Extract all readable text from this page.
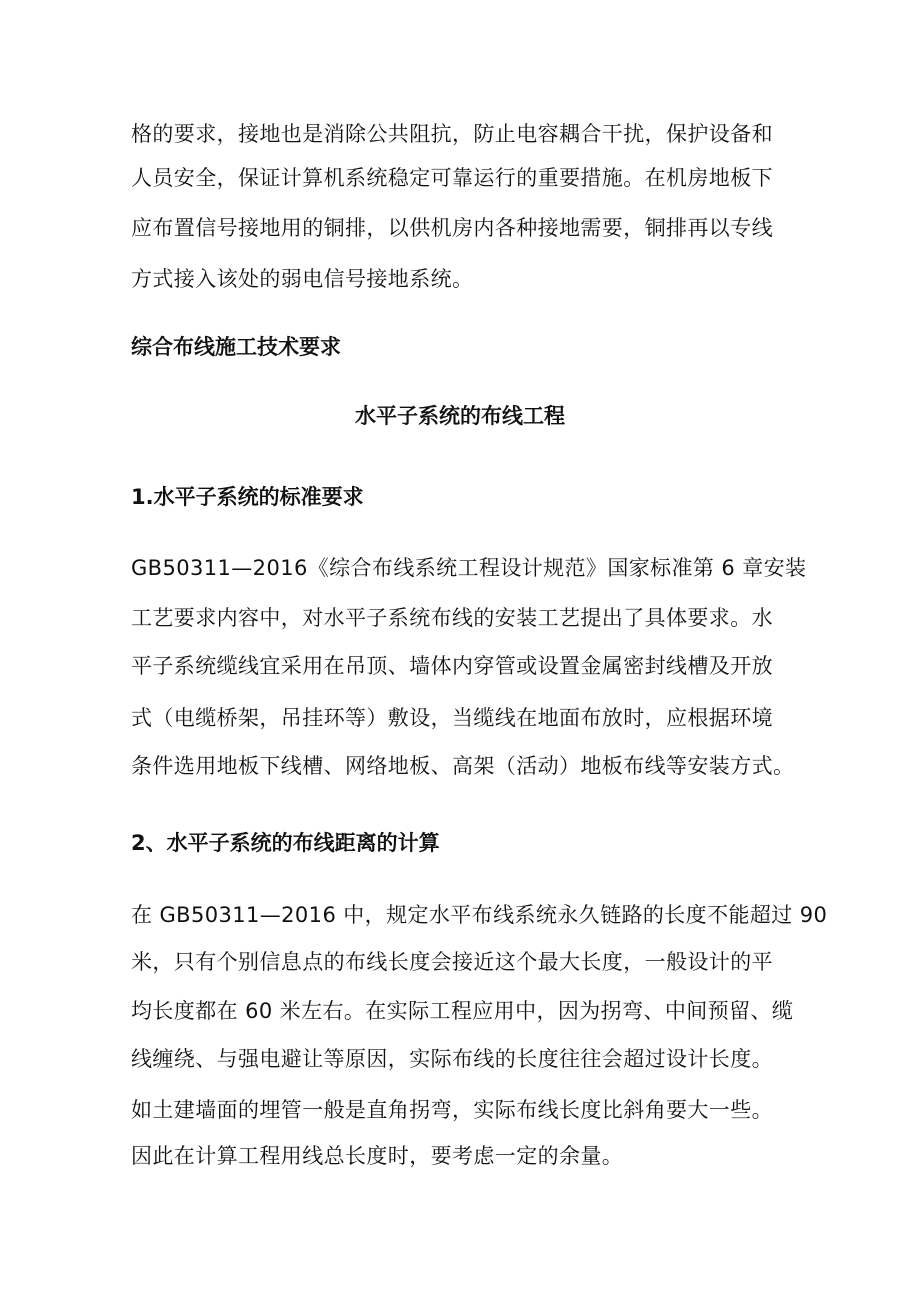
格的要求，接地也是消除公共阻抗，防止电容耦合干扰，保护设备和
人员安全，保证计算机系统稳定可靠运行的重要措施。在机房地板下
应布置信号接地用的铜排，以供机房内各种接地需要，铜排再以专线
方式接入该处的弱电信号接地系统。
综合布线施工技术要求
水平子系统的布线工程
1.水平子系统的标准要求
GB50311—2016《综合布线系统工程设计规范》国家标准第 6 章安装
工艺要求内容中，对水平子系统布线的安装工艺提出了具体要求。水
平子系统缆线宜采用在吊顶、墙体内穿管或设置金属密封线槽及开放
式（电缆桥架，吊挂环等）敷设，当缆线在地面布放时，应根据环境
条件选用地板下线槽、网络地板、高架（活动）地板布线等安装方式。
2、水平子系统的布线距离的计算
在 GB50311—2016 中，规定水平布线系统永久链路的长度不能超过 90
米，只有个别信息点的布线长度会接近这个最大长度，一般设计的平
均长度都在 60 米左右。在实际工程应用中，因为拐弯、中间预留、缆
线缠绕、与强电避让等原因，实际布线的长度往往会超过设计长度。
如土建墙面的埋管一般是直角拐弯，实际布线长度比斜角要大一些。
因此在计算工程用线总长度时，要考虑一定的余量。
